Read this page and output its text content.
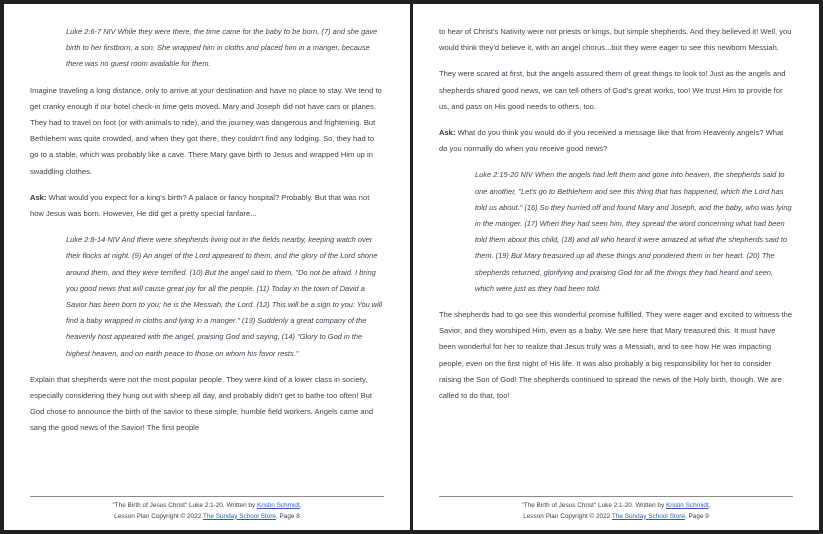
Luke 2:6-7 NIV While they were there, the time came for the baby to be born, (7) and she gave birth to her firstborn, a son. She wrapped him in cloths and placed him in a manger, because there was no guest room available for them.

Imagine traveling a long distance, only to arrive at your destination and have no place to stay. We tend to get cranky enough if our hotel check-in time gets moved. Mary and Joseph did not have cars or planes. They had to travel on foot (or with animals to ride), and the journey was dangerous and frightening. But Bethlehem was quite crowded, and when they got there, they couldn't find any lodging. So, they had to go to a stable, which was probably like a cave. There Mary gave birth to Jesus and wrapped Him up in swaddling clothes.

Ask: What would you expect for a king's birth? A palace or fancy hospital? Probably. But that was not how Jesus was born. However, He did get a pretty special fanfare...

Luke 2:8-14 NIV And there were shepherds living out in the fields nearby, keeping watch over their flocks at night. (9) An angel of the Lord appeared to them, and the glory of the Lord shone around them, and they were terrified. (10) But the angel said to them, "Do not be afraid. I bring you good news that will cause great joy for all the people. (11) Today in the town of David a Savior has been born to you; he is the Messiah, the Lord. (12) This will be a sign to you: You will find a baby wrapped in cloths and lying in a manger." (13) Suddenly a great company of the heavenly host appeared with the angel, praising God and saying, (14) "Glory to God in the highest heaven, and on earth peace to those on whom his favor rests."

Explain that shepherds were not the most popular people. They were kind of a lower class in society, especially considering they hung out with sheep all day, and probably didn't get to bathe too often! But God chose to announce the birth of the savior to these simple, humble field workers. Angels came and sang the good news of the Savior! The first people

"The Birth of Jesus Christ" Luke 2:1-20. Written by Kristin Schmidt,
Lesson Plan Copyright © 2022 The Sunday School Store, Page 8

to hear of Christ's Nativity were not priests or kings, but simple shepherds. And they believed it! Well, you would think they'd believe it, with an angel chorus...but they were eager to see this newborn Messiah.

They were scared at first, but the angels assured them of great things to look to! Just as the angels and shepherds shared good news, we can tell others of God's great works, too! We trust Him to provide for us, and pass on His good needs to others, too.

Ask: What do you think you would do if you received a message like that from Heavenly angels? What do you normally do when you receive good news?

Luke 2:15-20 NIV When the angels had left them and gone into heaven, the shepherds said to one another, "Let's go to Bethlehem and see this thing that has happened, which the Lord has told us about." (16) So they hurried off and found Mary and Joseph, and the baby, who was lying in the manger. (17) When they had seen him, they spread the word concerning what had been told them about this child, (18) and all who heard it were amazed at what the shepherds said to them. (19) But Mary treasured up all these things and pondered them in her heart. (20) The shepherds returned, glorifying and praising God for all the things they had heard and seen, which were just as they had been told.

The shepherds had to go see this wonderful promise fulfilled. They were eager and excited to witness the Savior, and they worshiped Him, even as a baby. We see here that Mary treasured this. It must have been wonderful for her to realize that Jesus truly was a Messiah, and to see how He was impacting people, even on the first night of His life. It was also probably a big responsibility for her to consider raising the Son of God! The shepherds continued to spread the news of the Holy birth, though. We are called to do that, too!

"The Birth of Jesus Christ" Luke 2:1-20. Written by Kristin Schmidt,
Lesson Plan Copyright © 2022 The Sunday School Store, Page 9
